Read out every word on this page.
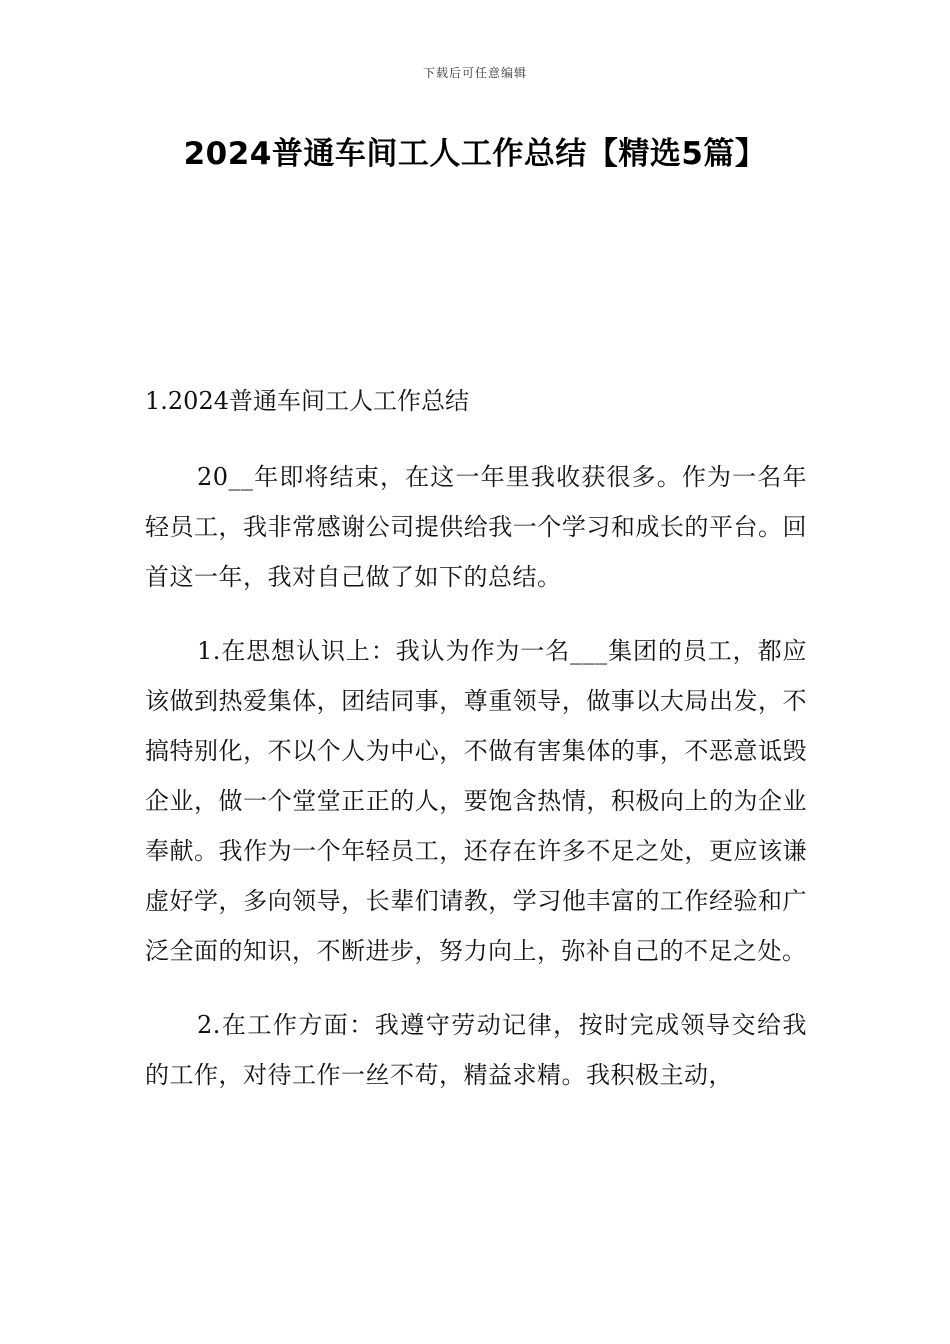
下载后可任意编辑
2024普通车间工人工作总结【精选5篇】
1.2024普通车间工人工作总结

20__年即将结束，在这一年里我收获很多。作为一名年轻员工，我非常感谢公司提供给我一个学习和成长的平台。回首这一年，我对自己做了如下的总结。

1.在思想认识上：我认为作为一名___集团的员工，都应该做到热爱集体，团结同事，尊重领导，做事以大局出发，不搞特别化，不以个人为中心，不做有害集体的事，不恶意诋毁企业，做一个堂堂正正的人，要饱含热情，积极向上的为企业奉献。我作为一个年轻员工，还存在许多不足之处，更应该谦虚好学，多向领导，长辈们请教，学习他丰富的工作经验和广泛全面的知识，不断进步，努力向上，弥补自己的不足之处。

2.在工作方面：我遵守劳动记律，按时完成领导交给我的工作，对待工作一丝不苟，精益求精。我积极主动，
